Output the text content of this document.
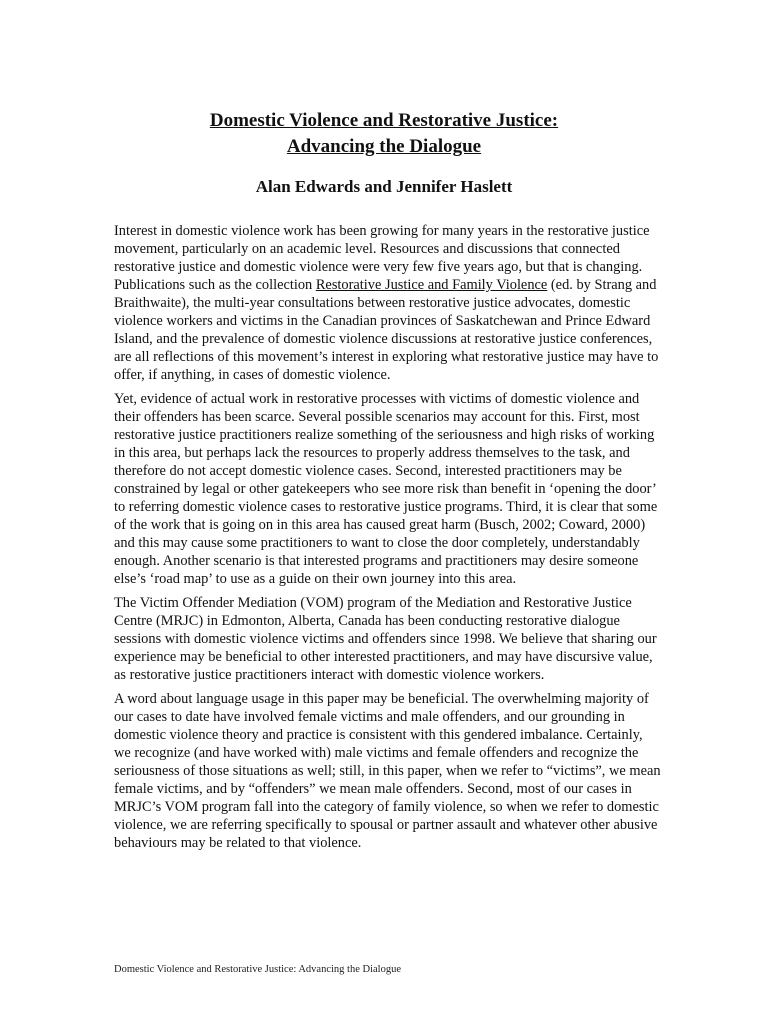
Domestic Violence and Restorative Justice:

Advancing the Dialogue

Alan Edwards and Jennifer Haslett

Interest in domestic violence work has been growing for many years in the restorative justice movement, particularly on an academic level. Resources and discussions that connected restorative justice and domestic violence were very few five years ago, but that is changing. Publications such as the collection Restorative Justice and Family Violence (ed. by Strang and Braithwaite), the multi-year consultations between restorative justice advocates, domestic violence workers and victims in the Canadian provinces of Saskatchewan and Prince Edward Island, and the prevalence of domestic violence discussions at restorative justice conferences, are all reflections of this movement’s interest in exploring what restorative justice may have to offer, if anything, in cases of domestic violence.

Yet, evidence of actual work in restorative processes with victims of domestic violence and their offenders has been scarce. Several possible scenarios may account for this. First, most restorative justice practitioners realize something of the seriousness and high risks of working in this area, but perhaps lack the resources to properly address themselves to the task, and therefore do not accept domestic violence cases. Second, interested practitioners may be constrained by legal or other gatekeepers who see more risk than benefit in ‘opening the door’ to referring domestic violence cases to restorative justice programs. Third, it is clear that some of the work that is going on in this area has caused great harm (Busch, 2002; Coward, 2000) and this may cause some practitioners to want to close the door completely, understandably enough. Another scenario is that interested programs and practitioners may desire someone else’s ‘road map’ to use as a guide on their own journey into this area.

The Victim Offender Mediation (VOM) program of the Mediation and Restorative Justice Centre (MRJC) in Edmonton, Alberta, Canada has been conducting restorative dialogue sessions with domestic violence victims and offenders since 1998. We believe that sharing our experience may be beneficial to other interested practitioners, and may have discursive value, as restorative justice practitioners interact with domestic violence workers.

A word about language usage in this paper may be beneficial. The overwhelming majority of our cases to date have involved female victims and male offenders, and our grounding in domestic violence theory and practice is consistent with this gendered imbalance. Certainly, we recognize (and have worked with) male victims and female offenders and recognize the seriousness of those situations as well; still, in this paper, when we refer to “victims”, we mean female victims, and by “offenders” we mean male offenders. Second, most of our cases in MRJC’s VOM program fall into the category of family violence, so when we refer to domestic violence, we are referring specifically to spousal or partner assault and whatever other abusive behaviours may be related to that violence.

Domestic Violence and Restorative Justice: Advancing the Dialogue
